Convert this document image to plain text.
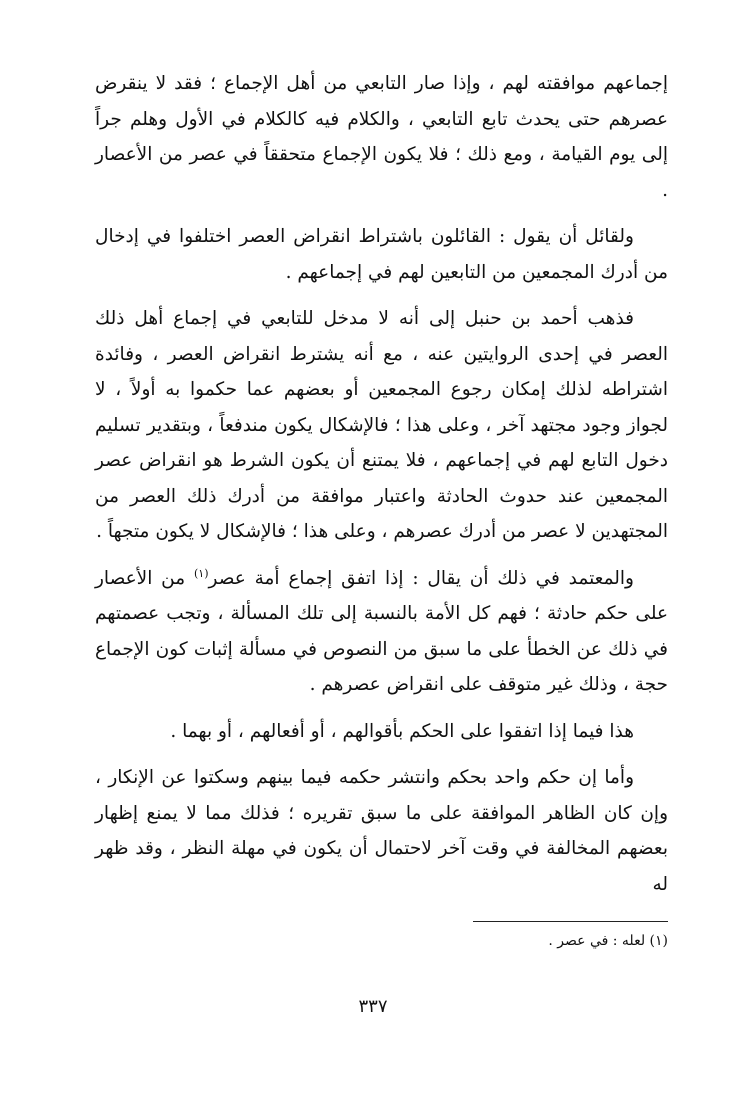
إجماعهم موافقته لهم ، وإذا صار التابعي من أهل الإجماع ؛ فقد لا ينقرض عصرهم حتى يحدث تابع التابعي ، والكلام فيه كالكلام في الأول وهلم جراً إلى يوم القيامة ، ومع ذلك ؛ فلا يكون الإجماع متحققاً في عصر من الأعصار .

ولقائل أن يقول : القائلون باشتراط انقراض العصر اختلفوا في إدخال من أدرك المجمعين من التابعين لهم في إجماعهم .

فذهب أحمد بن حنبل إلى أنه لا مدخل للتابعي في إجماع أهل ذلك العصر في إحدى الروايتين عنه ، مع أنه يشترط انقراض العصر ، وفائدة اشتراطه لذلك إمكان رجوع المجمعين أو بعضهم عما حكموا به أولاً ، لا لجواز وجود مجتهد آخر ، وعلى هذا ؛ فالإشكال يكون مندفعاً ، وبتقدير تسليم دخول التابع لهم في إجماعهم ، فلا يمتنع أن يكون الشرط هو انقراض عصر المجمعين عند حدوث الحادثة واعتبار موافقة من أدرك ذلك العصر من المجتهدين لا عصر من أدرك عصرهم ، وعلى هذا ؛ فالإشكال لا يكون متجهاً .

والمعتمد في ذلك أن يقال : إذا اتفق إجماع أمة عصر$^{(١)}$ من الأعصار على حكم حادثة ؛ فهم كل الأمة بالنسبة إلى تلك المسألة ، وتجب عصمتهم في ذلك عن الخطأ على ما سبق من النصوص في مسألة إثبات كون الإجماع حجة ، وذلك غير متوقف على انقراض عصرهم .

هذا فيما إذا اتفقوا على الحكم بأقوالهم ، أو أفعالهم ، أو بهما .

وأما إن حكم واحد بحكم وانتشر حكمه فيما بينهم وسكتوا عن الإنكار ، وإن كان الظاهر الموافقة على ما سبق تقريره ؛ فذلك مما لا يمنع إظهار بعضهم المخالفة في وقت آخر لاحتمال أن يكون في مهلة النظر ، وقد ظهر له

(١) لعله : في عصر .

٣٣٧
